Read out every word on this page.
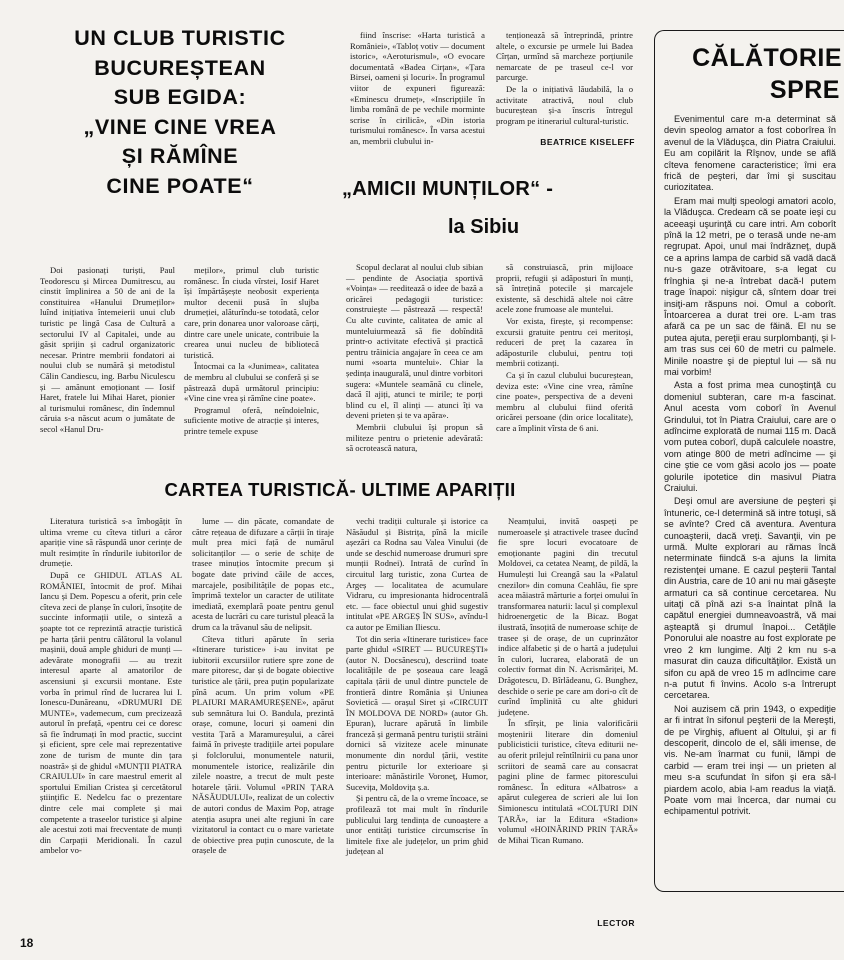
UN CLUB TURISTIC
BUCUREȘTEAN
SUB EGIDA:
„VINE CINE VREA
ȘI RĂMÎNE
CINE POATE“

Doi pasionați turiști, Paul Teodorescu și Mircea Dumitrescu, au cinstit împlinirea a 50 de ani de la constituirea «Hanului Drumeților» luînd inițiativa întemeierii unui club turistic pe lingă Casa de Cultură a sectorului IV al Capitalei, unde au găsit sprijin și cadrul organizatoric necesar. Printre membrii fondatori ai noului club se numără și metodistul Călin Candiescu, ing. Barbu Niculescu și — amănunt emoționant — Iosif Haret, fratele lui Mihai Haret, pionier al turismului românesc, din îndemnul căruia s-a născut acum o jumătate de secol «Hanul Dru-

meților», primul club turistic românesc. În ciuda vîrstei, Iosif Haret își împărtășește neobosit experiența multor decenii pusă în slujba drumeției, alăturîndu-se totodată, celor care, prin donarea unor valoroase cărți, dintre care unele unicate, contribuie la crearea unui nucleu de bibliotecă turistică.

Întocmai ca la «Junimea», calitatea de membru al clubului se conferă și se păstrează după următorul principiu: «Vine cine vrea și rămîne cine poate».

Programul oferă, neîndoielnic, suficiente motive de atracție și interes, printre temele expuse

fiind înscrise: «Harta turistică a României», «Tabloț votiv — document istoric», «Aeroturismul», «O evocare documentată «Badea Cirțan», «Țara Birsei, oameni și locuri». În programul viitor de expuneri figurează: «Eminescu drumeț», «Inscripțiile în limba română de pe vechile morminte scrise în cirilică», «Din istoria turismului românesc». În varsa acestui an, membrii clubului in-

tenționează să întreprindă, printre altele, o excursie pe urmele lui Badea Cîrțan, urmînd să marcheze porțiunile nemarcate de pe traseul ce-l vor parcurge.

De la o inițiativă lăudabilă, la o activitate atractivă, noul club bucureștean și-a înscris întregul program pe itinerariul cultural-turistic.

BEATRICE KISELEFF
„AMICII MUNȚILOR“ -
la Sibiu

Scopul declarat al noului club sibian — pendinte de Asociația sportivă «Voința» — reeditează o idee de bază a oricărei pedagogii turistice: construiește — păstrează — respectă! Cu alte cuvinte, calitatea de amic al munteluiurmează să fie dobîndită printr-o activitate efectivă și practică pentru trăinicia angajare în ceea ce am numi «soarta muntelui». Chiar la ședința inaugurală, unul dintre vorbitori sugera: «Muntele seamănă cu clinele, dacă îl ajiți, atunci te mirile; te porți blind cu el, îl alinți — atunci îți va deveni prieten și te va apăra».

Membrii clubului își propun să militeze pentru o prietenie adevărată: să ocrotească natura,

să construiască, prin mijloace proprii, refugii și adăposturi în munți, să întrețină potecile și marcajele existente, să deschidă altele noi către acele zone frumoase ale muntelui.

Vor exista, firește, și recompense: excursii gratuite pentru cei meritoși, reduceri de preț la cazarea în adăposturile clubului, pentru toți membrii cotizanți.

Ca și în cazul clubului bucureștean, deviza este: «Vine cine vrea, rămîne cine poate», perspectiva de a deveni membru al clubului fiind oferită oricărei persoane (din orice localitate), care a împlinit vîrsta de 6 ani.

CARTEA TURISTICĂ- ULTIME APARIȚII

Literatura turistică s-a îmbogățit în ultima vreme cu cîteva titluri a căror apariție vine să răspundă unor cerințe de mult resimțite în rîndurile iubitorilor de drumeție.

După ce GHIDUL ATLAS AL ROMÂNIEI, întocmit de prof. Mihai Iancu și Dem. Popescu a oferit, prin cele cîteva zeci de planșe în culori, însoțite de succinte informații utile, o sinteză a șoapte tot ce reprezintă atracție turistică pe harta țării pentru călătorul la volanul mașinii, două ample ghiduri de munți — adevărate monografii — au trezit interesul aparte al amatorilor de ascensiuni și excursii montane. Este vorba în primul rînd de lucrarea lui I. Ionescu-Dunăreanu, «DRUMURI DE MUNTE», vademecum, cum precizează autorul în prefață, «pentru cei ce doresc să fie îndrumați în mod practic, succint și eficient, spre cele mai reprezentative zone de turism de munte din țara noastră» și de ghidul «MUNȚII PIATRA CRAIULUI» în care maestrul emerit al sportului Emilian Cristea și cercetătorul științific E. Nedelcu fac o prezentare dintre cele mai complete și mai competente a traseelor turistice și alpine ale acestui zoti mai frecventate de munți din Carpații Meridionali. În cazul ambelor vo-

lume — din păcate, comandate de către rețeaua de difuzare a cărții în tiraje mult prea mici față de numărul solicitanților — o serie de schițe de trasee minuțios întocmite precum și bogate date privind căile de acces, marcajele, posibilitățile de popas etc., împrimă textelor un caracter de utilitate imediată, exemplară poate pentru genul acesta de lucrări cu care turistul pleacă la drum ca la trăvanul său de nelipsit.

Cîteva titluri apărute în seria «Itinerare turistice» i-au invitat pe iubitorii excursiilor rutiere spre zone de mare pitoresc, dar și de bogate obiective turistice ale țării, prea puțin popularizate pînă acum. Un prim volum «PE PLAIURI MARAMUREȘENE», apărut sub semnătura lui O. Bandula, prezintă orașe, comune, locuri și oameni din vestita Țară a Maramureșului, a cărei faimă în privește tradițiile artei populare și folclorului, monumentele naturii, monumentele istorice, realizările din zilele noastre, a trecut de mult peste hotarele țării. Volumul «PRIN ȚARA NĂSĂUDULUI», realizat de un colectiv de autori condus de Maxim Pop, atrage atenția asupra unei alte regiuni în care vizitatorul ia contact cu o mare varietate de obiective prea puțin cunoscute, de la orașele de

vechi tradiții culturale și istorice ca Năsăudul și Bistrița, pînă la micile așezări ca Rodna sau Valea Vinului (de unde se deschid numeroase drumuri spre munții Rodnei). Intrată de curînd în circuitul larg turistic, zona Curtea de Argeș — localitatea de acumulare Vidraru, cu impresionanta hidrocentrală etc. — face obiectul unui ghid sugestiv intitulat «PE ARGEȘ ÎN SUS», avîndu-l ca autor pe Emilian Iliescu.

Tot din seria «Itinerare turistice» face parte ghidul «SIRET — BUCUREȘTI» (autor N. Docsănescu), descriind toate localitățile de pe șoseaua care leagă capitala țării de unul dintre punctele de frontieră dintre România și Uniunea Sovietică — orașul Siret și «CIRCUIT ÎN MOLDOVA DE NORD» (autor Gh. Epuran), lucrare apărută în limbile franceză și germană pentru turiștii străini dornici să viziteze acele minunate monumente din nordul țării, vestite pentru picturile lor exterioare și interioare: mănăstirile Voroneț, Humor, Sucevița, Moldovița ș.a.

Și pentru că, de la o vreme încoace, se profilează tot mai mult în rîndurile publicului larg tendința de cunoaștere a unor entități turistice circumscrise în limitele fixe ale județelor, un prim ghid județean al

Neamțului, invită oaspeți pe numeroasele și atractivele trasee ducînd fie spre locuri evocatoare de emoționante pagini din trecutul Moldovei, ca cetatea Neamț, de pildă, la Humulești lui Creangă sau la «Palatul cnezilor» din comuna Ceahlău, fie spre acea măiastră mărturie a forței omului în transformarea naturii: lacul și complexul hidroenergetic de la Bicaz. Bogat ilustrată, însoțită de numeroase schițe de trasee și de orașe, de un cuprinzător indice alfabetic și de o hartă a județului în culori, lucrarea, elaborată de un colectiv format din N. Acrismăriței, M. Drăgotescu, D. Bîrlădeanu, G. Bunghez, deschide o serie pe care am dori-o cît de curînd împlinită cu alte ghiduri județene.

În sfîrșit, pe linia valorificării moștenirii literare din domeniul publicisticii turistice, cîteva editurii ne-au oferit prilejul reîntîlnirii cu pana unor scriitori de seamă care au consacrat pagini pline de farmec pitorescului românesc. În editura «Albatros» a apărut culegerea de scrieri ale lui Ion Simionescu intitulată «COLȚURI DIN ȚARĂ», iar la Editura «Stadion» volumul «HOINĂRIND PRIN ȚARĂ» de Mihai Tican Rumano.

LECTOR
CĂLĂTORIE
SPRE

Evenimentul care m-a determinat să devin speolog amator a fost coborîrea în avenul de la Vlăduşca, din Piatra Craiului. Eu am copilărit la Rîşnov, unde se află cîteva fenomene caracteristice; îmi era frică de peşteri, dar îmi şi suscitau curiozitatea.

Eram mai mulţi speologi amatori acolo, la Vlăduşca. Credeam că se poate ieşi cu aceeaşi uşurinţă cu care intri. Am coborît pînă la 12 metri, pe o terasă unde ne-am regrupat. Apoi, unul mai îndrăzneţ, după ce a aprins lampa de carbid să vadă dacă nu-s gaze otrăvitoare, s-a legat cu frînghia şi ne-a întrebat dacă-l putem trage înapoi: nişigur că, sîntem doar trei insiţi-am răspuns noi. Omul a coborît. Întoarcerea a durat trei ore. L-am tras afară ca pe un sac de făină. El nu se putea ajuta, pereţii erau surplombanţi, şi l-am tras sus cei 60 de metri cu palmele. Minile noastre şi de pieptul lui — să nu mai vorbim!

Asta a fost prima mea cunoştinţă cu domeniul subteran, care m-a fascinat. Anul acesta vom coborî în Avenul Grindului, tot în Piatra Craiului, care are o adîncime explorată de numai 115 m. Dacă vom putea coborî, după calculele noastre, vom atinge 800 de metri adîncime — şi cine ştie ce vom găsi acolo jos — poate golurile ipotetice din masivul Piatra Craiului.

Deşi omul are aversiune de peşteri şi întuneric, ce-l determină să intre totuşi, să se avînte? Cred că aventura. Aventura cunoaşterii, dacă vreţi. Savanţii, vin pe urmă. Multe explorari au rămas încă neterminate fiindcă s-a ajuns la limita rezistenţei umane. E cazul peşterii Tantal din Austria, care de 10 ani nu mai găseşte armaturi ca să continue cercetarea. Nu uitaţi că pînă azi s-a înaintat pînă la capătul energiei dumneavoastră, vă mai aşteaptă şi drumul înapoi... Cetăţile Ponorului ale noastre au fost explorate pe vreo 2 km lungime. Alţi 2 km nu s-a masurat din cauza dificultăţilor. Există un sifon cu apă de vreo 15 m adîncime care n-a putut fi învins. Acolo s-a întrerupt cercetarea.

Noi auzisem că prin 1943, o expediţie ar fi intrat în sifonul peşterii de la Mereşti, de pe Virghiş, afluent al Oltului, şi ar fi descoperit, dincolo de el, săli imense, de vis. Ne-am înarmat cu funii, lămpi de carbid — eram trei inşi — un prieten al meu s-a scufundat în sifon şi era să-l piardem acolo, abia l-am readus la viaţă. Poate vom mai încerca, dar numai cu echipamentul potrivit.

18
